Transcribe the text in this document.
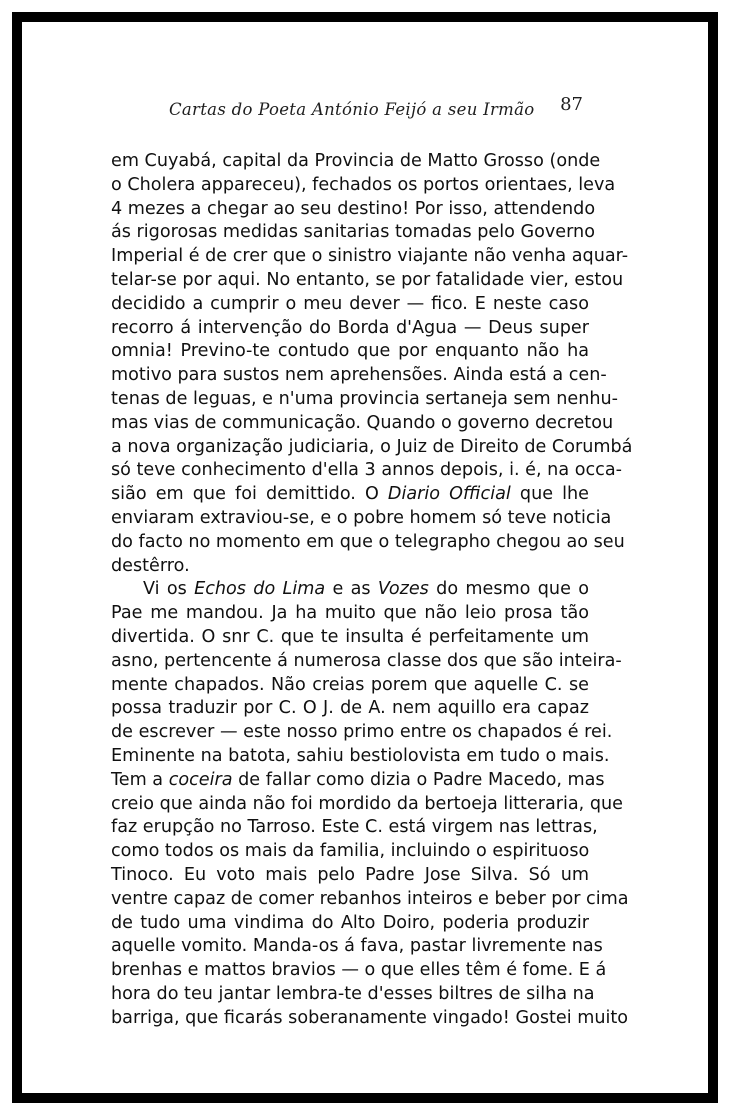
Cartas do Poeta António Feijó a seu Irmão 87
em Cuyabá, capital da Provincia de Matto Grosso (onde
o Cholera appareceu), fechados os portos orientaes, leva
4 mezes a chegar ao seu destino! Por isso, attendendo
ás rigorosas medidas sanitarias tomadas pelo Governo
Imperial é de crer que o sinistro viajante não venha aquar-
telar-se por aqui. No entanto, se por fatalidade vier, estou
decidido a cumprir o meu dever — fico. E neste caso
recorro á intervenção do Borda d'Agua — Deus super
omnia! Previno-te contudo que por enquanto não ha
motivo para sustos nem aprehensões. Ainda está a cen-
tenas de leguas, e n'uma provincia sertaneja sem nenhu-
mas vias de communicação. Quando o governo decretou
a nova organização judiciaria, o Juiz de Direito de Corumbá
só teve conhecimento d'ella 3 annos depois, i. é, na occa-
sião em que foi demittido. O Diario Official que lhe
enviaram extraviou-se, e o pobre homem só teve noticia
do facto no momento em que o telegrapho chegou ao seu
destêrro.
Vi os Echos do Lima e as Vozes do mesmo que o
Pae me mandou. Ja ha muito que não leio prosa tão
divertida. O snr C. que te insulta é perfeitamente um
asno, pertencente á numerosa classe dos que são inteira-
mente chapados. Não creias porem que aquelle C. se
possa traduzir por C. O J. de A. nem aquillo era capaz
de escrever — este nosso primo entre os chapados é rei.
Eminente na batota, sahiu bestiolovista em tudo o mais.
Tem a coceira de fallar como dizia o Padre Macedo, mas
creio que ainda não foi mordido da bertoeja litteraria, que
faz erupção no Tarroso. Este C. está virgem nas lettras,
como todos os mais da familia, incluindo o espirituoso
Tinoco. Eu voto mais pelo Padre Jose Silva. Só um
ventre capaz de comer rebanhos inteiros e beber por cima
de tudo uma vindima do Alto Doiro, poderia produzir
aquelle vomito. Manda-os á fava, pastar livremente nas
brenhas e mattos bravios — o que elles têm é fome. E á
hora do teu jantar lembra-te d'esses biltres de silha na
barriga, que ficarás soberanamente vingado! Gostei muito
